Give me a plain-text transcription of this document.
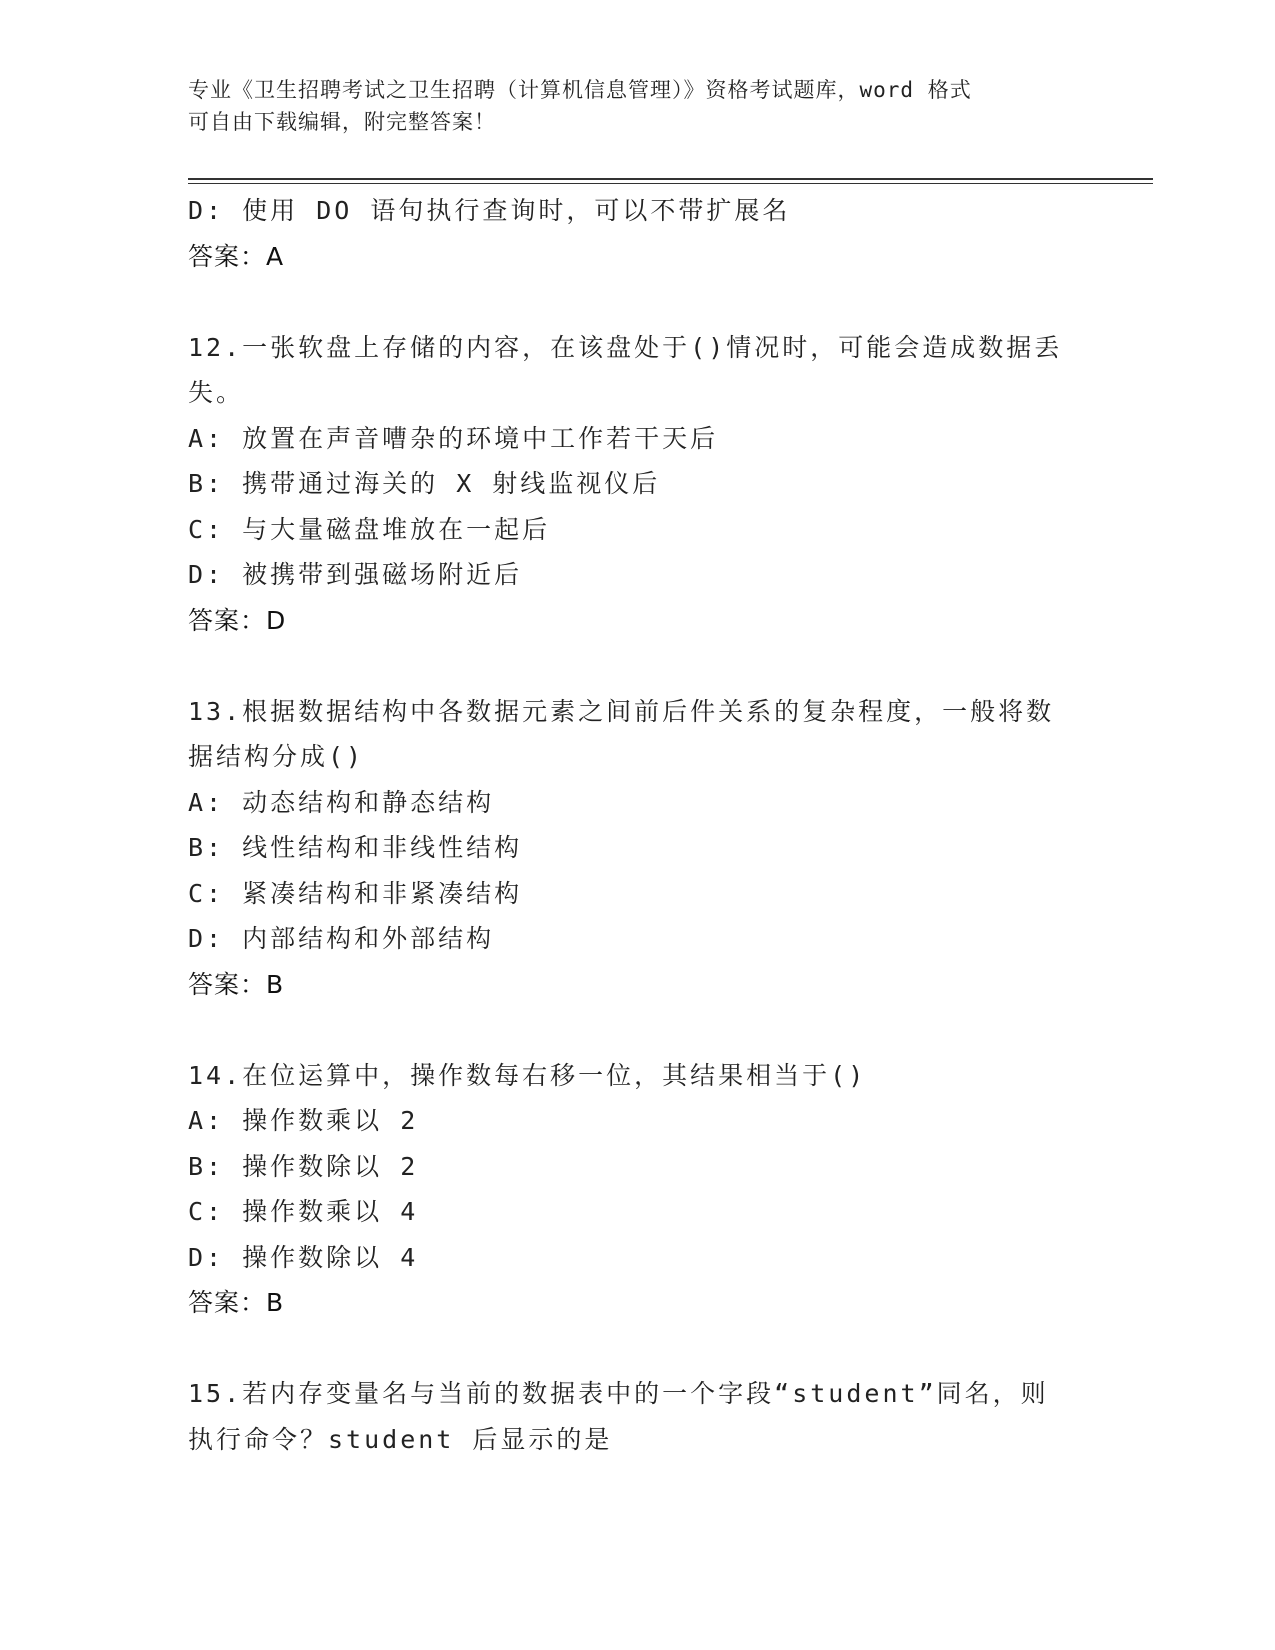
专业《卫生招聘考试之卫生招聘（计算机信息管理）》资格考试题库，word 格式
可自由下载编辑，附完整答案！
D: 使用 DO 语句执行查询时，可以不带扩展名
答案：A
12.一张软盘上存储的内容，在该盘处于()情况时，可能会造成数据丢
失。
A: 放置在声音嘈杂的环境中工作若干天后
B: 携带通过海关的 X 射线监视仪后
C: 与大量磁盘堆放在一起后
D: 被携带到强磁场附近后
答案：D
13.根据数据结构中各数据元素之间前后件关系的复杂程度，一般将数
据结构分成()
A: 动态结构和静态结构
B: 线性结构和非线性结构
C: 紧凑结构和非紧凑结构
D: 内部结构和外部结构
答案：B
14.在位运算中，操作数每右移一位，其结果相当于()
A: 操作数乘以 2
B: 操作数除以 2
C: 操作数乘以 4
D: 操作数除以 4
答案：B
15.若内存变量名与当前的数据表中的一个字段“student”同名，则
执行命令？student 后显示的是
